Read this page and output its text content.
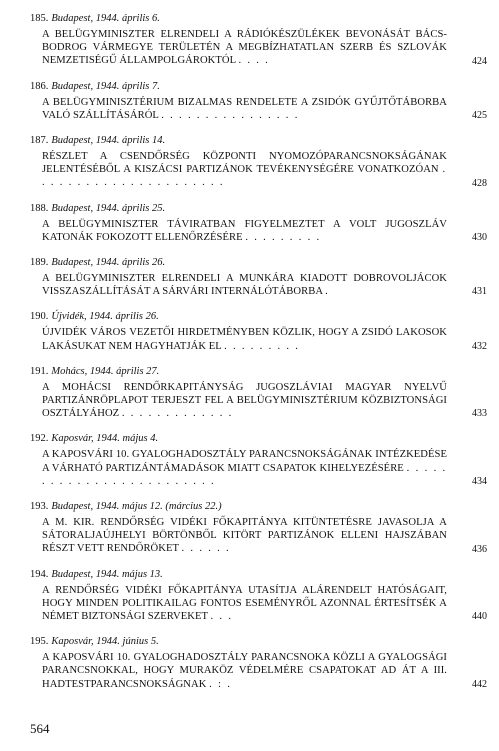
185. Budapest, 1944. április 6.

A BELÜGYMINISZTER ELRENDELI A RÁDIÓKÉSZÜLÉKEK BEVONÁSÁT BÁCS-BODROG VÁRMEGYE TERÜLETÉN A MEGBÍZHATATLAN SZERB ÉS SZLOVÁK NEMZETISÉGŰ ÁLLAMPOLGÁROKTÓL . . . .	424
186. Budapest, 1944. április 7.

A BELÜGYMINISZTÉRIUM BIZALMAS RENDELETE A ZSIDÓK GYŰJTŐTÁBORBA VALÓ SZÁLLÍTÁSÁRÓL . . . . . . . . . . . . . . . .	425
187. Budapest, 1944. április 14.

RÉSZLET A CSENDŐRSÉG KÖZPONTI NYOMOZÓPARANCSNOKSÁGÁNAK JELENTÉSÉBŐL A KISZÁCSI PARTIZÁNOK TEVÉKENYSÉGÉRE VONATKOZÓAN . . . . . . . . . . . . . . . . . . . . . .	428
188. Budapest, 1944. április 25.

A BELÜGYMINISZTER TÁVIRATBAN FIGYELMEZTET A VOLT JUGOSZLÁV KATONÁK FOKOZOTT ELLENŐRZÉSÉRE . . . . . . . . .	430
189. Budapest, 1944. április 26.

A BELÜGYMINISZTER ELRENDELI A MUNKÁRA KIADOTT DOBROVOLJÁCOK VISSZASZÁLLÍTÁSÁT A SÁRVÁRI INTERNÁLÓTÁBORBA .	431
190. Újvidék, 1944. április 26.

ÚJVIDÉK VÁROS VEZETŐI HIRDETMÉNYBEN KÖZLIK, HOGY A ZSIDÓ LAKOSOK LAKÁSUKAT NEM HAGYHATJÁK EL . . . . . . . . .	432
191. Mohács, 1944. április 27.

A MOHÁCSI RENDŐRKAPITÁNYSÁG JUGOSZLÁVIAI MAGYAR NYELVŰ PARTIZÁNRÖPLAPOT TERJESZT FEL A BELÜGYMINISZTÉRIUM KÖZBIZTONSÁGI OSZTÁLYÁHOZ . . . . . . . . . . . . .	433
192. Kaposvár, 1944. május 4.

A KAPOSVÁRI 10. GYALOGHADOSZTÁLY PARANCSNOKSÁGÁNAK INTÉZKEDÉSE A VÁRHATÓ PARTIZÁNTÁMADÁSOK MIATT CSAPATOK KIHELYEZÉSÉRE . . . . . . . . . . . . . . . . . . . . . . . . .	434
193. Budapest, 1944. május 12. (március 22.)

A M. KIR. RENDŐRSÉG VIDÉKI FŐKAPITÁNYA KITÜNTETÉSRE JAVASOLJA A SÁTORALJAÚJHELYI BÖRTÖNBŐL KITÖRT PARTIZÁNOK ELLENI HAJSZÁBAN RÉSZT VETT RENDŐRÖKET . . . . . .	436
194. Budapest, 1944. május 13.

A RENDŐRSÉG VIDÉKI FŐKAPITÁNYA UTASÍTJA ALÁRENDELT HATÓSÁGAIT, HOGY MINDEN POLITIKAILAG FONTOS ESEMÉNYRŐL AZONNAL ÉRTESÍTSÉK A NÉMET BIZTONSÁGI SZERVEKET . . .	440
195. Kaposvár, 1944. június 5.

A KAPOSVÁRI 10. GYALOGHADOSZTÁLY PARANCSNOKA KÖZLI A GYALOGSÁGI PARANCSNOKKAL, HOGY MURAKÖZ VÉDELMÉRE CSAPATOKAT AD ÁT A III. HADTESTPARANCSNOKSÁGNAK . : .	442
564
